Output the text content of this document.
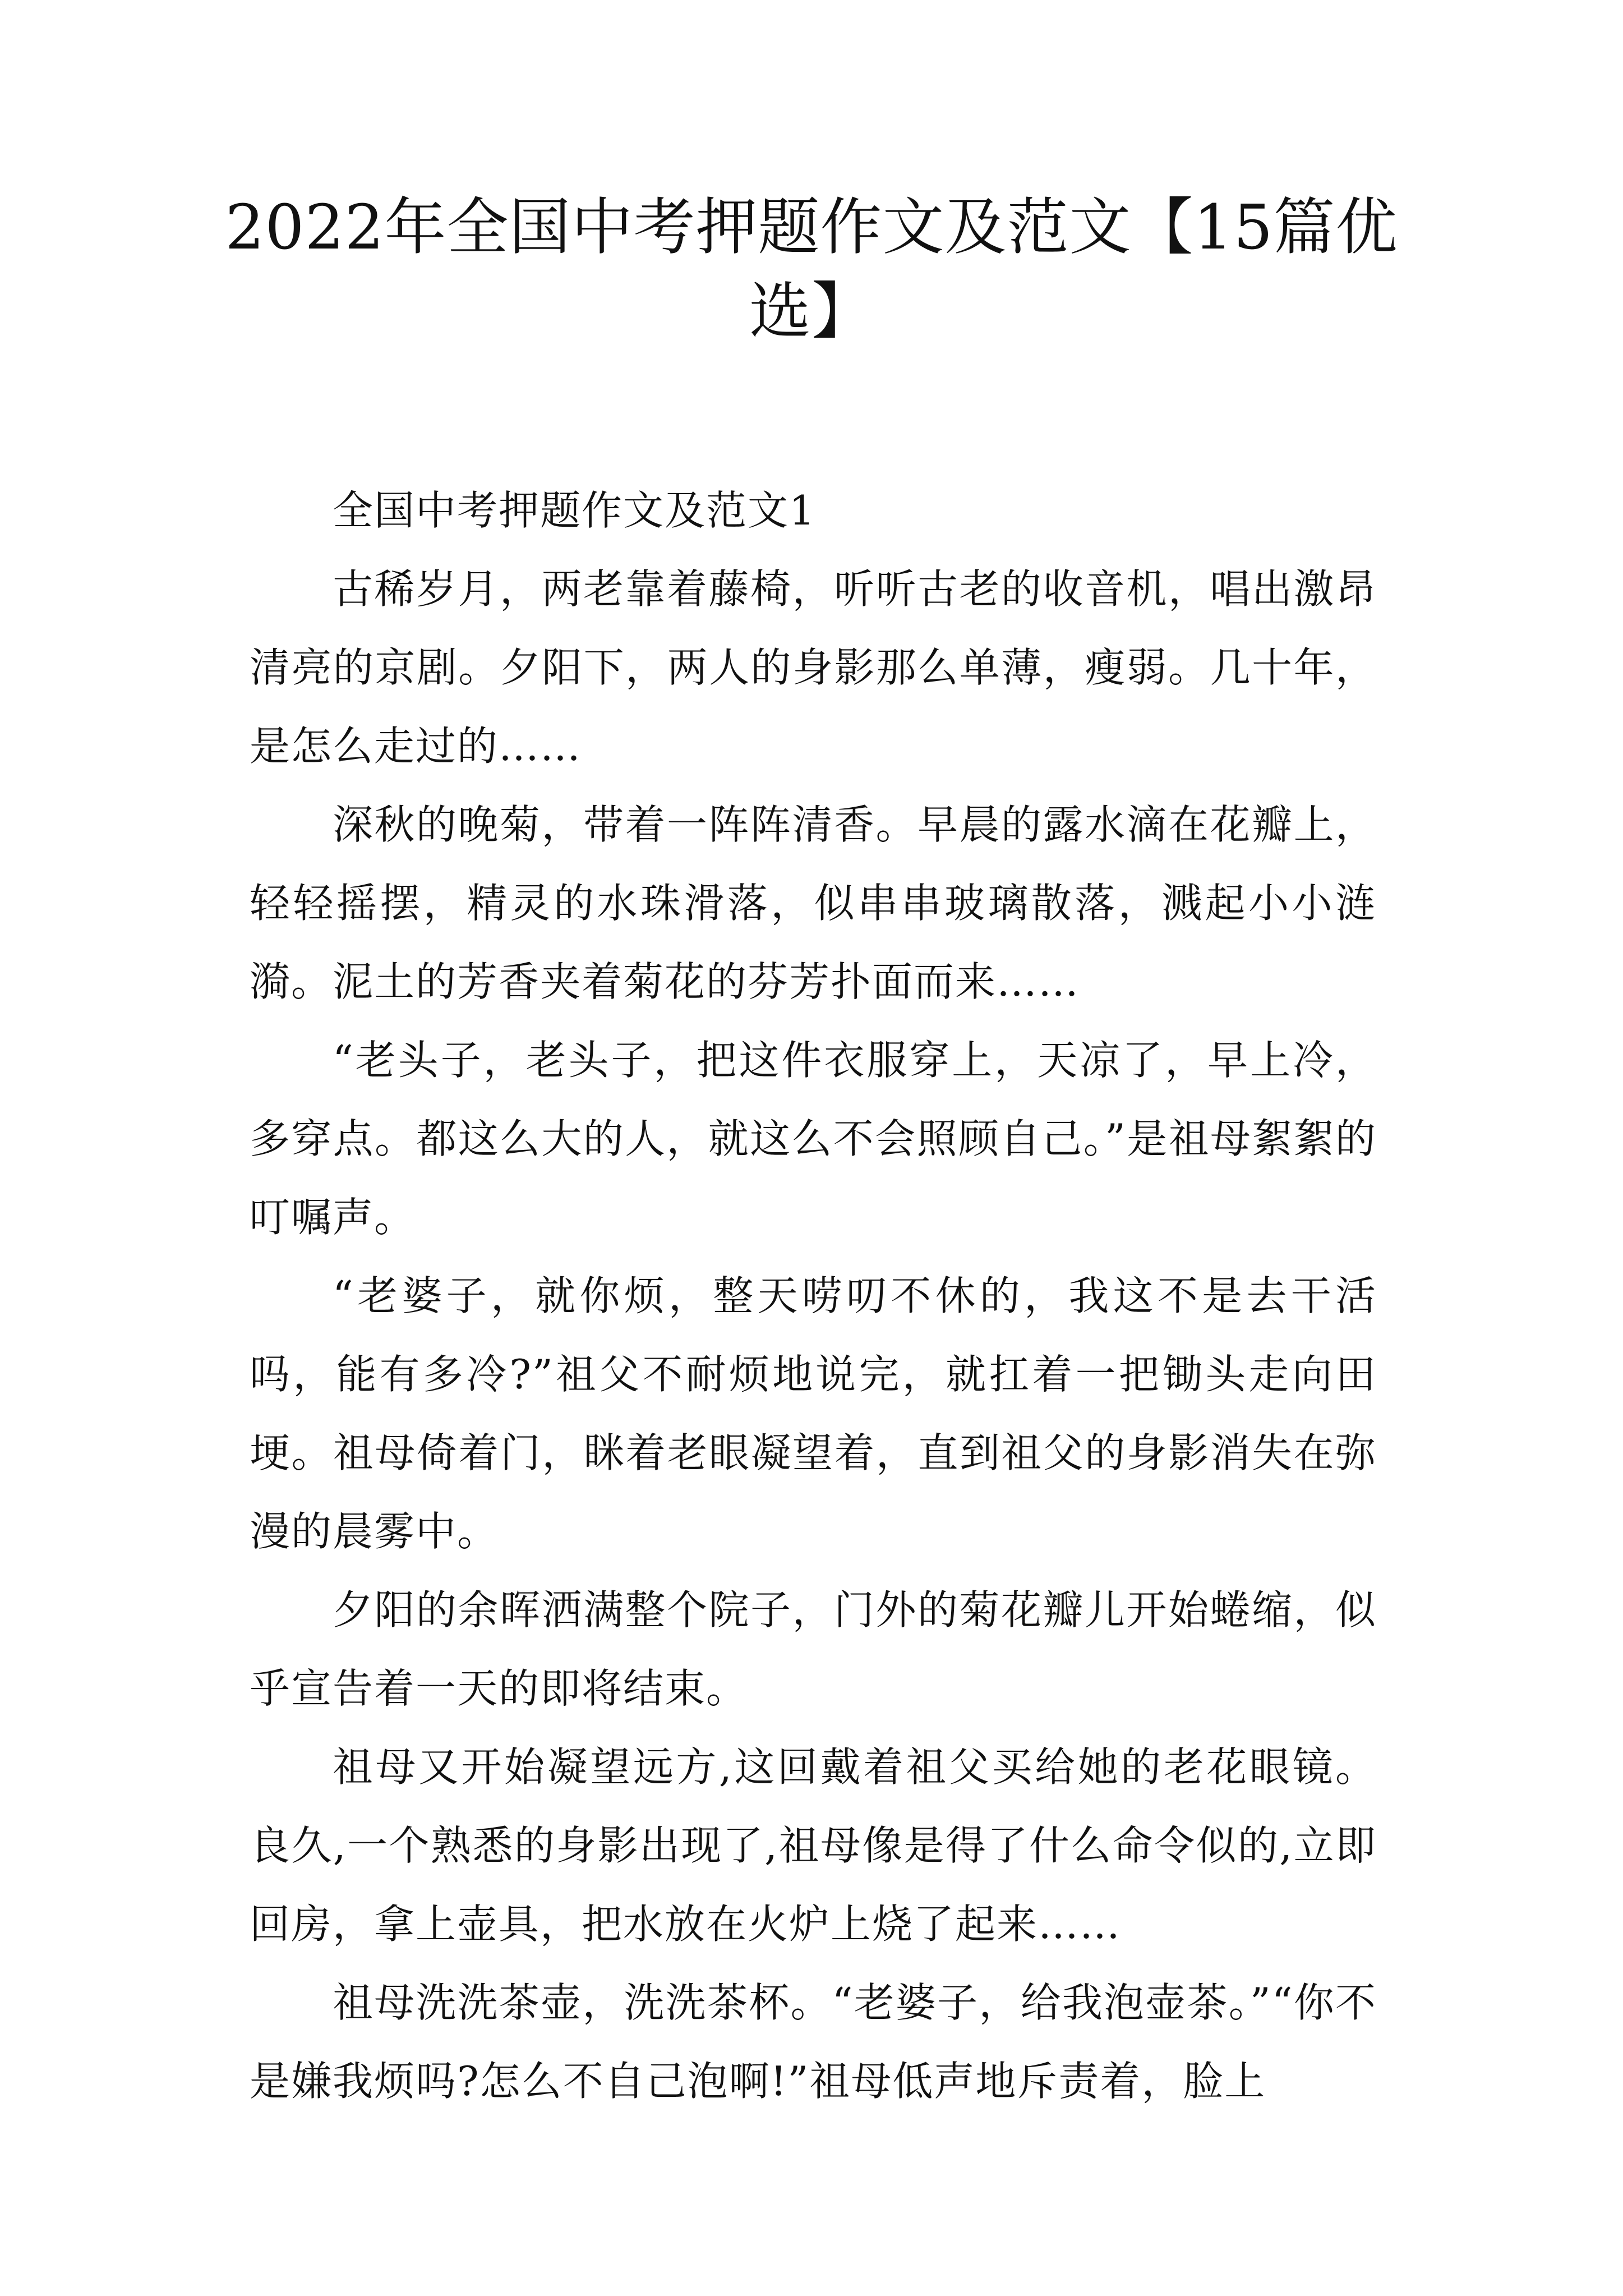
2022年全国中考押题作文及范文【15篇优选】

全国中考押题作文及范文1

古稀岁月，两老靠着藤椅，听听古老的收音机，唱出激昂清亮的京剧。夕阳下，两人的身影那么单薄，瘦弱。几十年，是怎么走过的……

深秋的晚菊，带着一阵阵清香。早晨的露水滴在花瓣上，轻轻摇摆，精灵的水珠滑落，似串串玻璃散落，溅起小小涟漪。泥土的芳香夹着菊花的芬芳扑面而来……

“老头子，老头子，把这件衣服穿上，天凉了，早上冷，多穿点。都这么大的人，就这么不会照顾自己。”是祖母絮絮的叮嘱声。

“老婆子，就你烦，整天唠叨不休的，我这不是去干活吗，能有多冷?”祖父不耐烦地说完，就扛着一把锄头走向田埂。祖母倚着门，眯着老眼凝望着，直到祖父的身影消失在弥漫的晨雾中。

夕阳的余晖洒满整个院子，门外的菊花瓣儿开始蜷缩，似乎宣告着一天的即将结束。

祖母又开始凝望远方,这回戴着祖父买给她的老花眼镜。良久,一个熟悉的身影出现了,祖母像是得了什么命令似的,立即回房，拿上壶具，把水放在火炉上烧了起来……

祖母洗洗茶壶，洗洗茶杯。“老婆子，给我泡壶茶。”“你不是嫌我烦吗?怎么不自己泡啊!”祖母低声地斥责着，脸上
